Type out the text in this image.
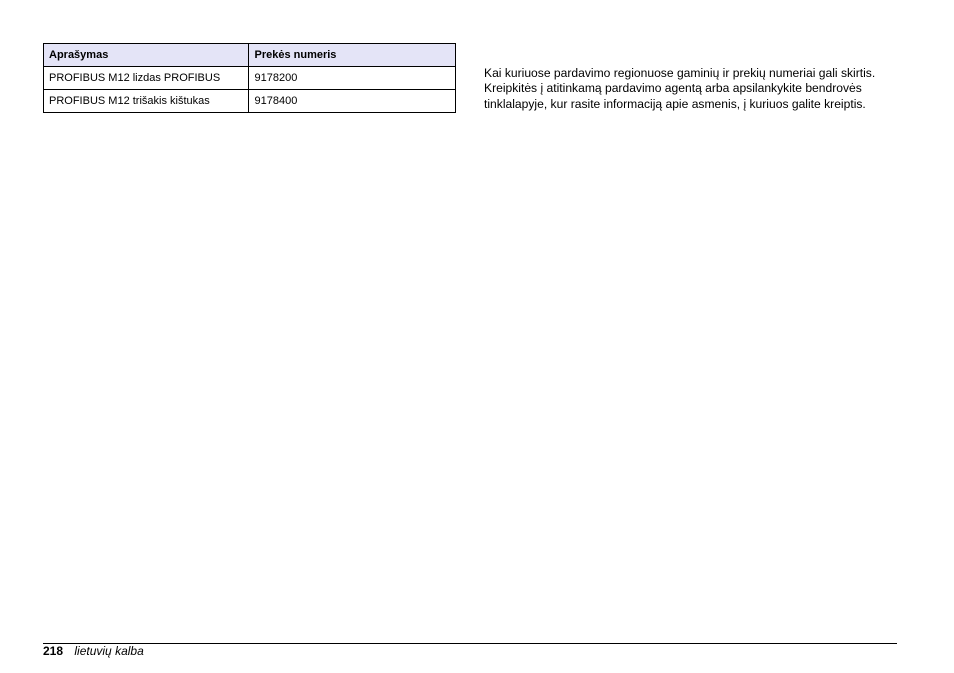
Aprašymas	Prekės numeris
PROFIBUS M12 lizdas PROFIBUS	9178200
PROFIBUS M12 trišakis kištukas	9178400

Kai kuriuose pardavimo regionuose gaminių ir prekių numeriai gali skirtis.
Kreipkitės į atitinkamą pardavimo agentą arba apsilankykite bendrovės
tinklalapyje, kur rasite informaciją apie asmenis, į kuriuos galite kreiptis.

218 lietuvių kalba
